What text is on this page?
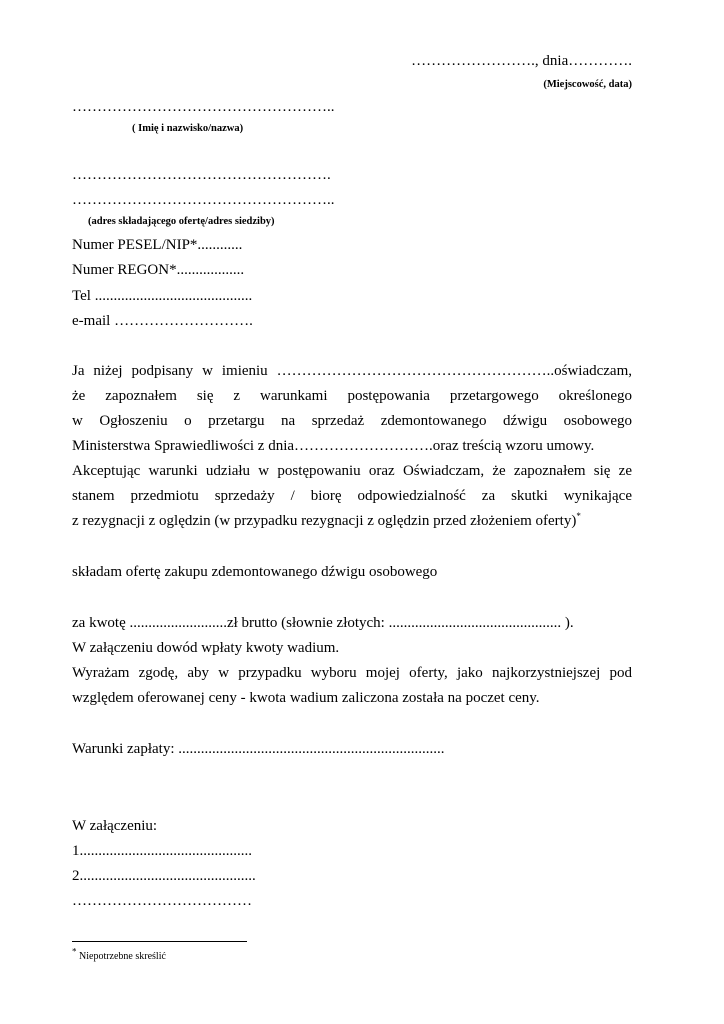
……………………., dnia………….
(Miejscowość, data)
……………………………………………..
( Imię i nazwisko/nazwa)
…………………………………………….
……………………………………………..
(adres składającego ofertę/adres siedziby)
Numer PESEL/NIP*............
Numer REGON*..................
Tel ..........................................
e-mail ……………………….
Ja niżej podpisany w imieniu ………………………………………………..oświadczam,
że zapoznałem się z warunkami postępowania przetargowego określonego
w Ogłoszeniu o przetargu na sprzedaż zdemontowanego dźwigu osobowego
Ministerstwa Sprawiedliwości z dnia……………………….oraz treścią wzoru umowy.
Akceptując warunki udziału w postępowaniu oraz Oświadczam, że zapoznałem się ze
stanem przedmiotu sprzedaży / biorę odpowiedzialność za skutki wynikające
z rezygnacji z oględzin (w przypadku rezygnacji z oględzin przed złożeniem oferty)*
składam ofertę zakupu zdemontowanego dźwigu osobowego
za kwotę ..........................zł brutto (słownie złotych: .............................................. ).
W załączeniu dowód wpłaty kwoty wadium.
Wyrażam zgodę, aby w przypadku wyboru mojej oferty, jako najkorzystniejszej pod
względem oferowanej ceny - kwota wadium zaliczona została na poczet ceny.
Warunki zapłaty: .......................................................................
W załączeniu:
1..............................................
2...............................................
………………………………
* Niepotrzebne skreślić
